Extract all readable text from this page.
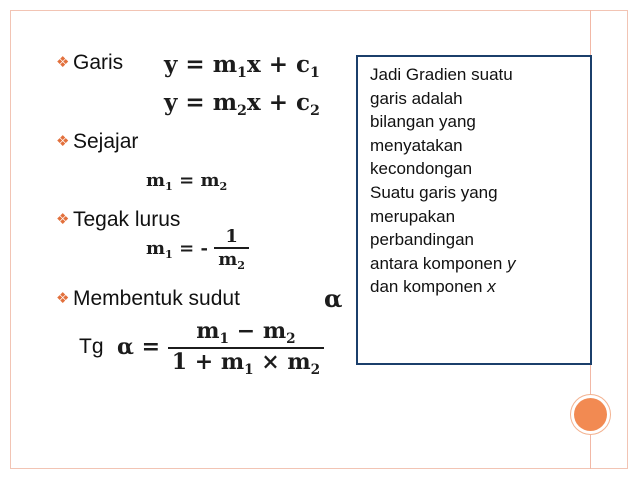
❖ Garis
❖ Sejajar
❖ Tegak lurus
❖ Membentuk sudut
Tg
$y = m_1x + c_1$
$y = m_2x + c_2$
$m_1 = m_2$
$m_1$ = - $\frac{1}{m_2}$
α
$\alpha = \frac{m_1 - m_2}{1 + m_1 \times m_2}$
Jadi Gradien suatu
garis adalah
bilangan yang
menyatakan
kecondongan
Suatu garis yang
merupakan
perbandingan
antara komponen y
dan komponen x
